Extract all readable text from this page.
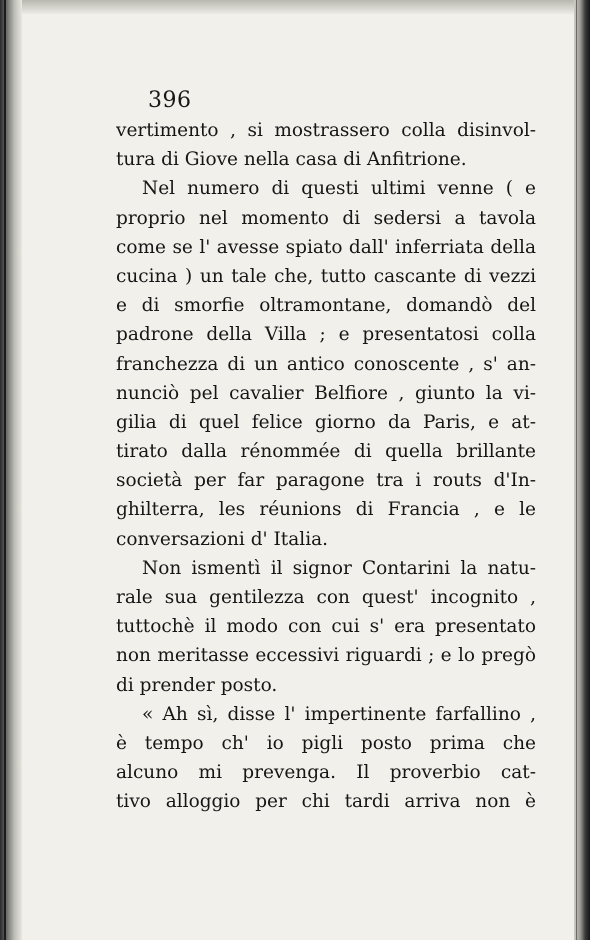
396
vertimento , si mostrassero colla disinvol-
tura di Giove nella casa di Anfitrione.
Nel numero di questi ultimi venne ( e
proprio nel momento di sedersi a tavola
come se l' avesse spiato dall' inferriata della
cucina ) un tale che, tutto cascante di vezzi
e di smorfie oltramontane, domandò del
padrone della Villa ; e presentatosi colla
franchezza di un antico conoscente , s' an-
nunciò pel cavalier Belfiore , giunto la vi-
gilia di quel felice giorno da Paris, e at-
tirato dalla rénommée di quella brillante
società per far paragone tra i routs d'In-
ghilterra, les réunions di Francia , e le
conversazioni d' Italia.
Non ismentì il signor Contarini la natu-
rale sua gentilezza con quest' incognito ,
tuttochè il modo con cui s' era presentato
non meritasse eccessivi riguardi ; e lo pregò
di prender posto.
« Ah sì, disse l' impertinente farfallino ,
è tempo ch' io pigli posto prima che
alcuno mi prevenga. Il proverbio cat-
tivo alloggio per chi tardi arriva non è
